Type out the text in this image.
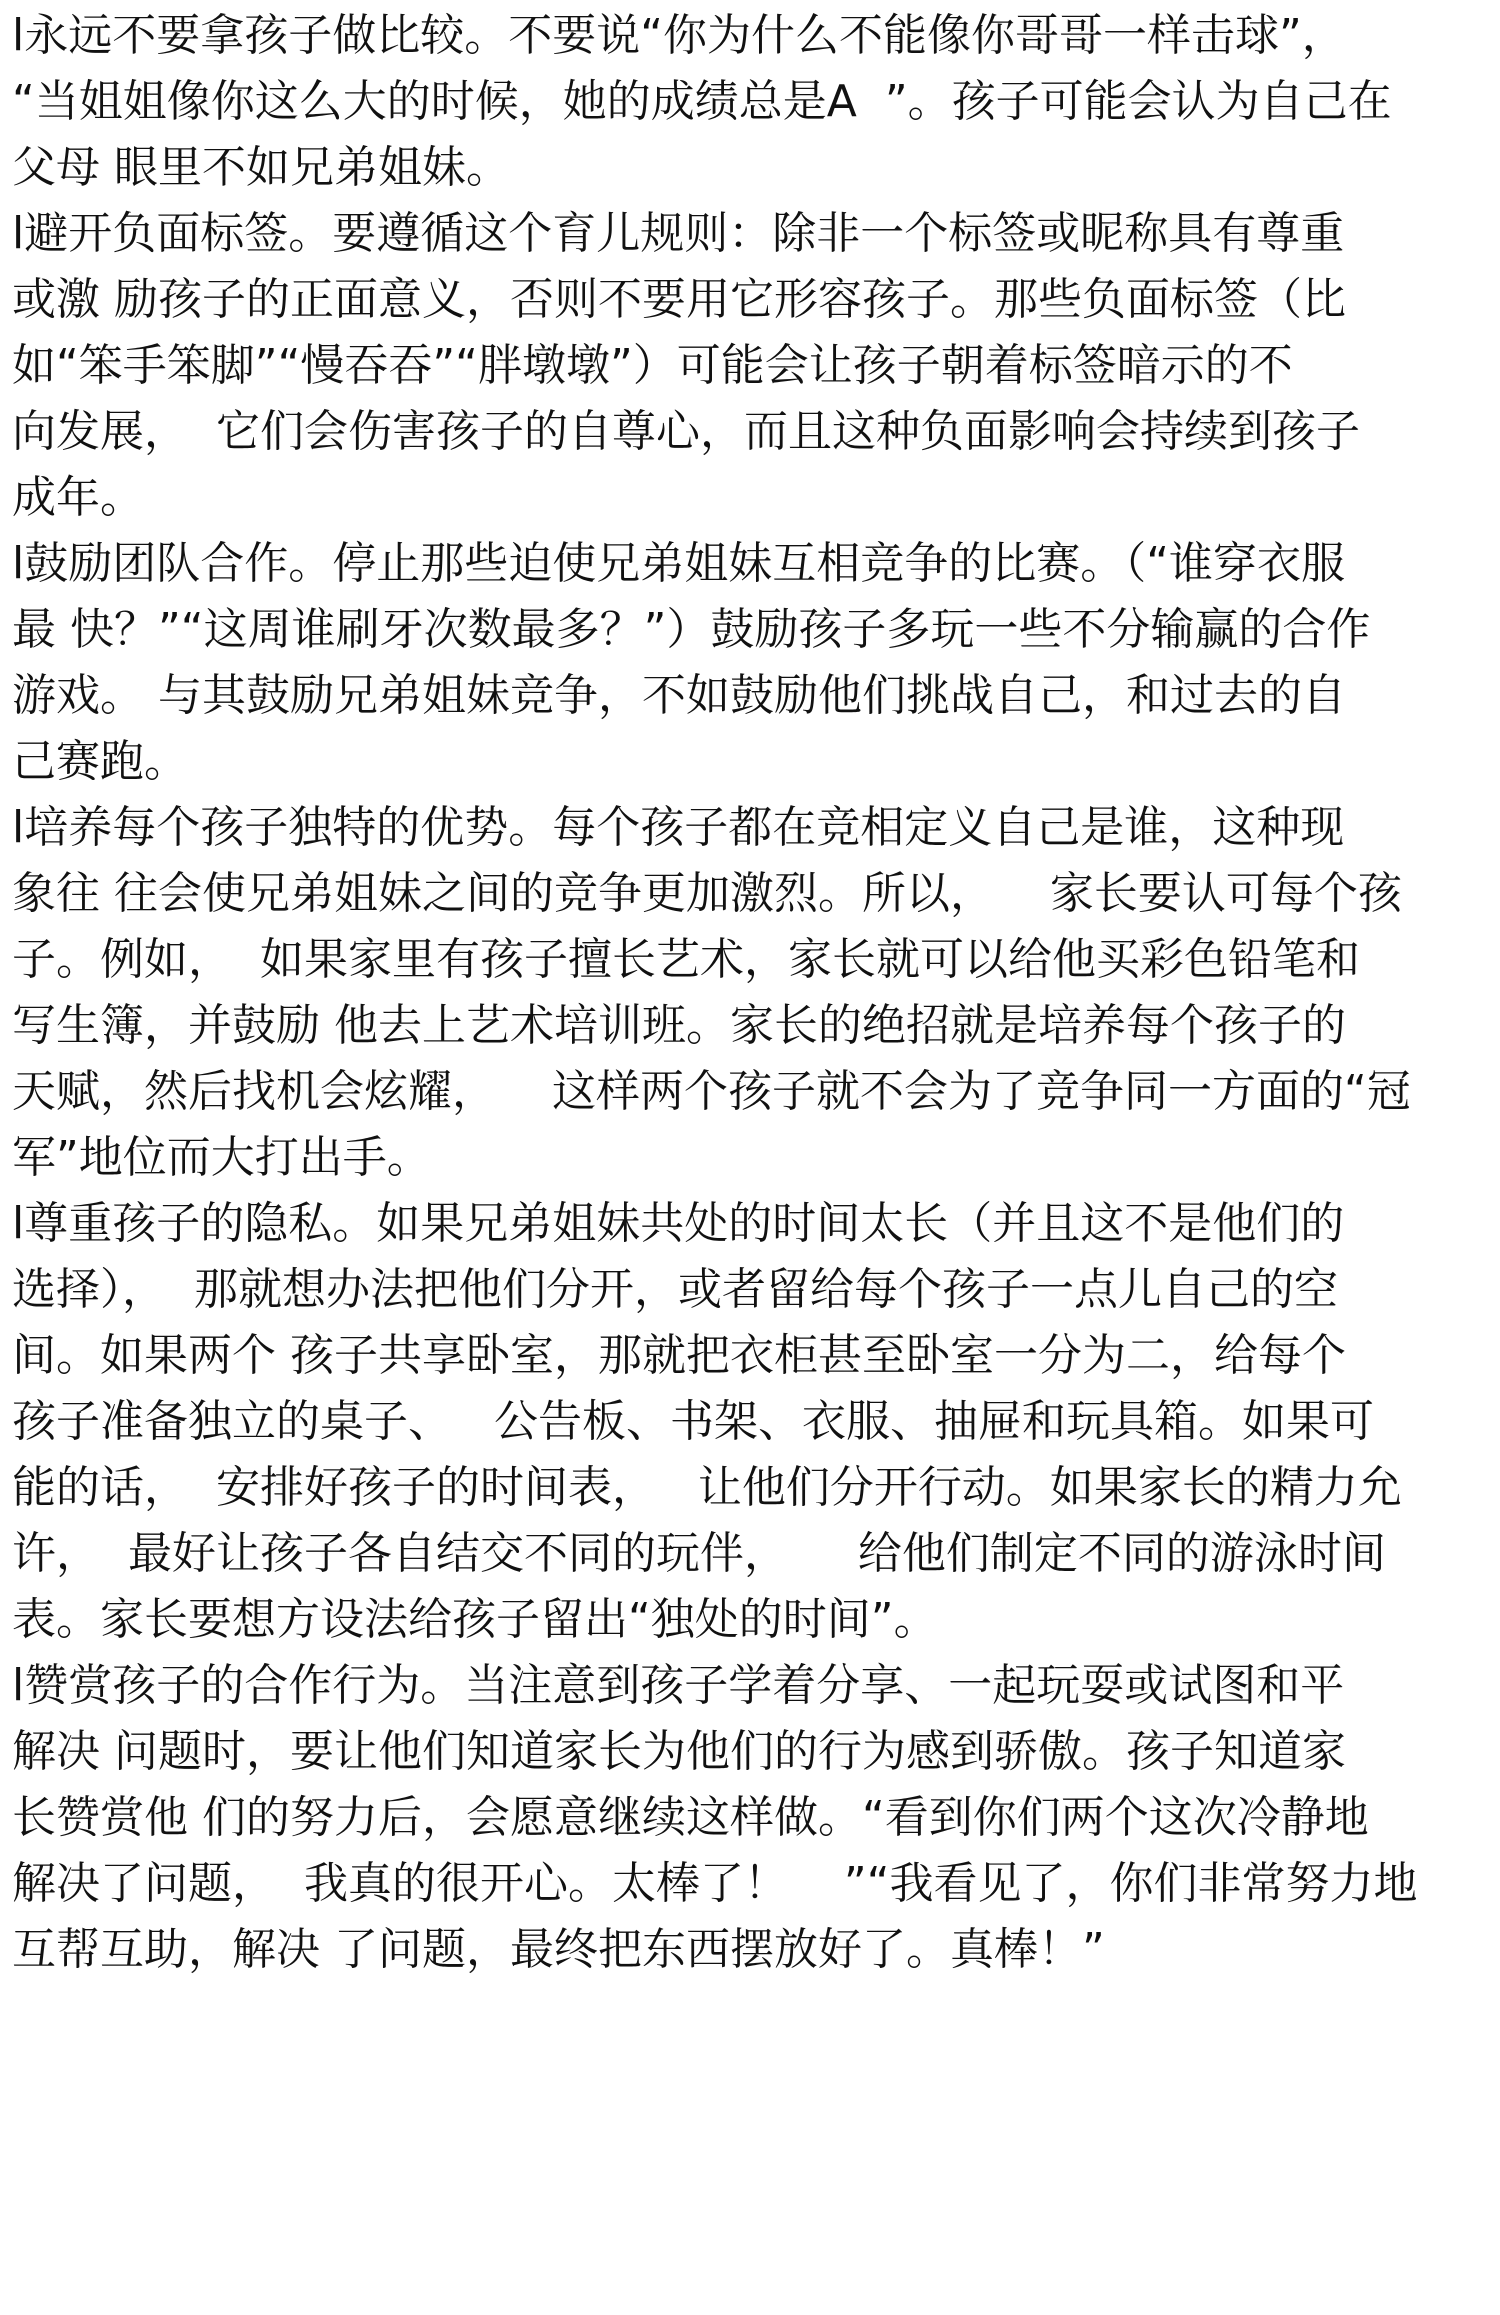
l永远不要拿孩子做比较。不要说“你为什么不能像你哥哥一样击球”，
“当姐姐像你这么大的时候，她的成绩总是A  ”。孩子可能会认为自己在
父母 眼里不如兄弟姐妹。
l避开负面标签。要遵循这个育儿规则：除非一个标签或昵称具有尊重
或激 励孩子的正面意义，否则不要用它形容孩子。那些负面标签（比
如“笨手笨脚”“慢吞吞”“胖墩墩”）可能会让孩子朝着标签暗示的不
向发展，  它们会伤害孩子的自尊心，而且这种负面影响会持续到孩子
成年。
l鼓励团队合作。停止那些迫使兄弟姐妹互相竞争的比赛。（“谁穿衣服
最 快？”“这周谁刷牙次数最多？”）鼓励孩子多玩一些不分输赢的合作
游戏。 与其鼓励兄弟姐妹竞争，不如鼓励他们挑战自己，和过去的自
己赛跑。
l培养每个孩子独特的优势。每个孩子都在竞相定义自己是谁，这种现
象往 往会使兄弟姐妹之间的竞争更加激烈。所以，    家长要认可每个孩
子。例如，  如果家里有孩子擅长艺术，家长就可以给他买彩色铅笔和
写生簿，并鼓励 他去上艺术培训班。家长的绝招就是培养每个孩子的
天赋，然后找机会炫耀，    这样两个孩子就不会为了竞争同一方面的“冠
军”地位而大打出手。
l尊重孩子的隐私。如果兄弟姐妹共处的时间太长（并且这不是他们的
选择），  那就想办法把他们分开，或者留给每个孩子一点儿自己的空
间。如果两个 孩子共享卧室，那就把衣柜甚至卧室一分为二，给每个
孩子准备独立的桌子、   公告板、书架、衣服、抽屉和玩具箱。如果可
能的话，  安排好孩子的时间表，   让他们分开行动。如果家长的精力允
许，  最好让孩子各自结交不同的玩伴，     给他们制定不同的游泳时间
表。家长要想方设法给孩子留出“独处的时间”。
l赞赏孩子的合作行为。当注意到孩子学着分享、一起玩耍或试图和平
解决 问题时，要让他们知道家长为他们的行为感到骄傲。孩子知道家
长赞赏他 们的努力后，会愿意继续这样做。“看到你们两个这次冷静地
解决了问题，  我真的很开心。太棒了！    ”“我看见了，你们非常努力地
互帮互助，解决 了问题，最终把东西摆放好了。真棒！”
